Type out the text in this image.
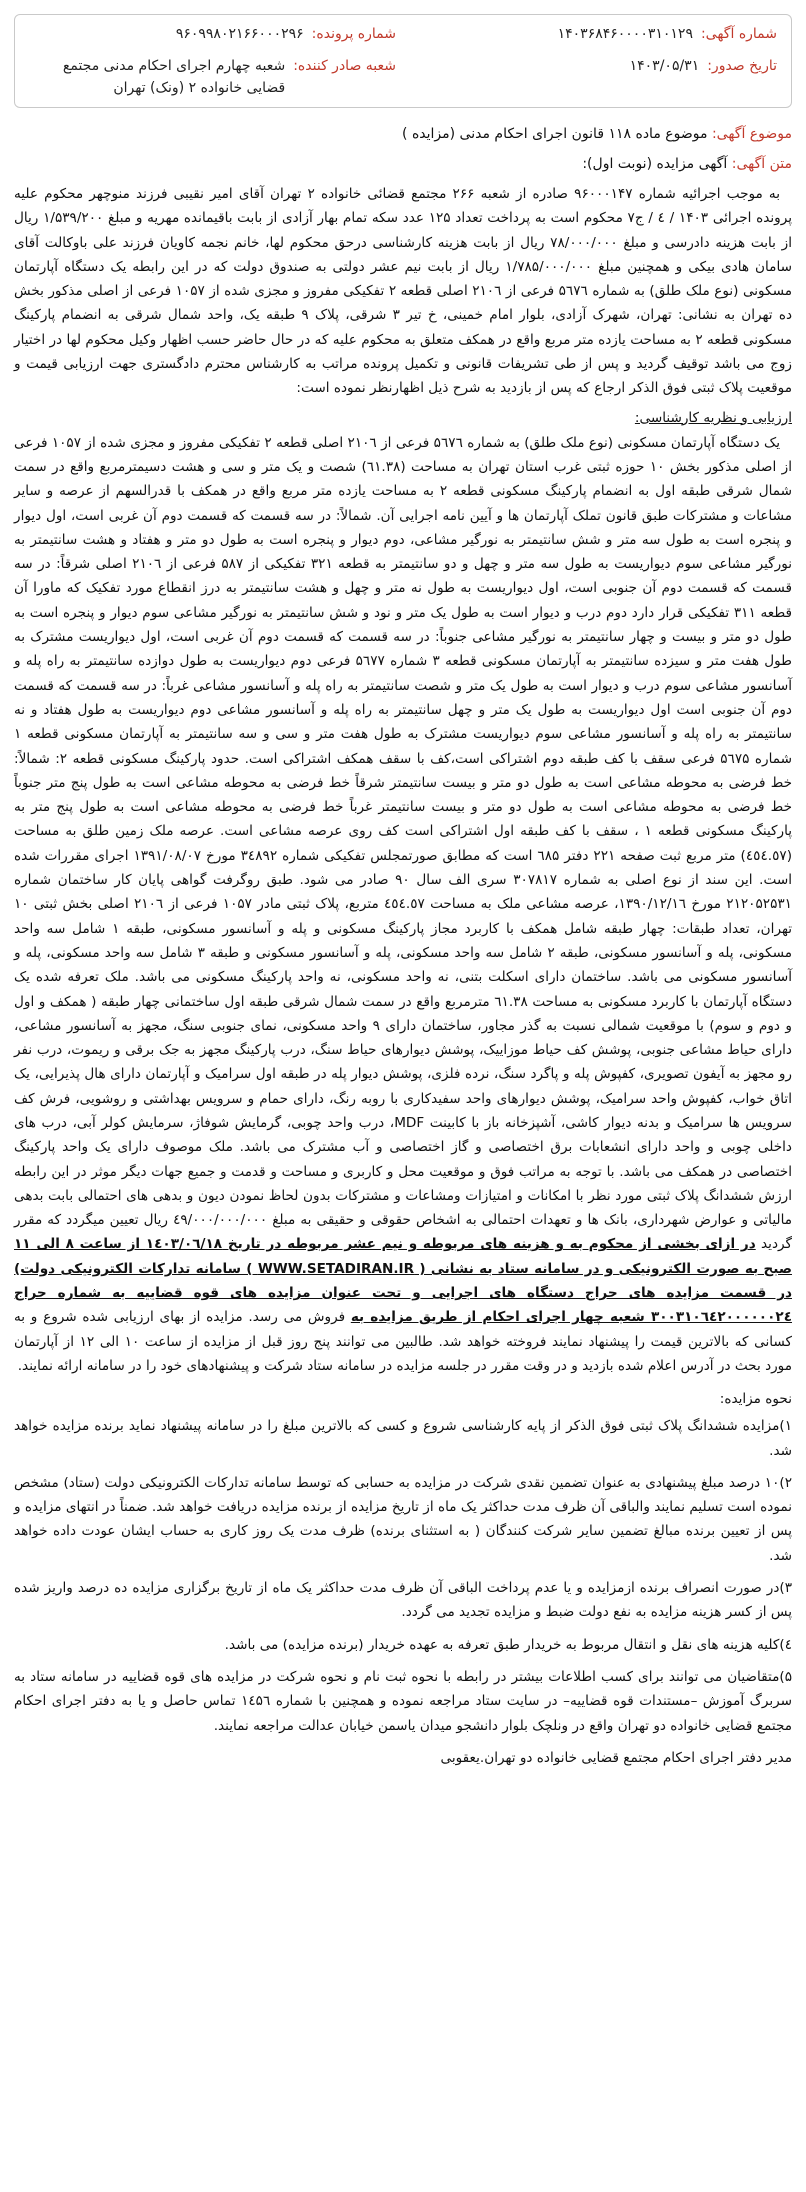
شماره آگهی:
۱۴۰۳۶۸۴۶۰۰۰۰۳۱۰۱۲۹
شماره پرونده:
۹۶۰۹۹۸۰۲۱۶۶۰۰۰۲۹۶
تاریخ صدور:
۱۴۰۳/۰۵/۳۱
شعبه صادر کننده:
شعبه چهارم اجرای احکام مدنی مجتمع قضایی خانواده ۲ (ونک) تهران
موضوع آگهی: موضوع ماده ۱۱۸ قانون اجرای احکام مدنی (مزایده )
متن آگهی: آگهی مزایده (نوبت اول):

به موجب اجرائیه شماره ۹۶۰۰۰۱۴۷ صادره از شعبه ۲۶۶ مجتمع قضائی خانواده ۲ تهران آقای امیر نقیبی فرزند منوچهر محکوم علیه پرونده اجرائی ۱۴۰۳ / ٤ / ج۷ محکوم است به پرداخت تعداد ۱۲۵ عدد سکه تمام بهار آزادی از بابت باقیمانده مهریه و مبلغ ۱/۵۳۹/۲۰۰ ریال از بابت هزینه دادرسی و مبلغ ۷۸/۰۰۰/۰۰۰ ریال از بابت هزینه کارشناسی درحق محکوم لها، خانم نجمه کاویان فرزند علی باوکالت آقای سامان هادی بیکی و همچنین مبلغ ۱/۷۸۵/۰۰۰/۰۰۰ ریال از بابت نیم عشر دولتی به صندوق دولت که در این رابطه یک دستگاه آپارتمان مسکونی (نوع ملک طلق) به شماره ۵٦۷٦ فرعی از ۲۱۰٦ اصلی قطعه ۲ تفکیکی مفروز و مجزی شده از ۱۰۵۷ فرعی از اصلی مذکور بخش ده تهران به نشانی: تهران، شهرک آزادی، بلوار امام خمینی، خ تیر ۳ شرقی، پلاک ۹ طبقه یک، واحد شمال شرقی به انضمام پارکینگ مسکونی قطعه ۲ به مساحت یازده متر مربع واقع در همکف متعلق به محکوم علیه که در حال حاضر حسب اظهار وکیل محکوم لها در اختیار زوج می باشد توقیف گردید و پس از طی تشریفات قانونی و تکمیل پرونده مراتب به کارشناس محترم دادگستری جهت ارزیابی قیمت و موقعیت پلاک ثبتی فوق الذکر ارجاع که پس از بازدید به شرح ذیل اظهارنظر نموده است:

ارزیابی و نظریه کارشناسی:

یک دستگاه آپارتمان مسکونی (نوع ملک طلق) به شماره ۵٦۷٦ فرعی از ۲۱۰٦ اصلی قطعه ۲ تفکیکی مفروز و مجزی شده از ۱۰۵۷ فرعی از اصلی مذکور بخش ۱۰ حوزه ثبتی غرب استان تهران به مساحت (٦۱.۳۸) شصت و یک متر و سی و هشت دسیمترمربع واقع در سمت شمال شرقی طبقه اول به انضمام پارکینگ مسکونی قطعه ۲ به مساحت یازده متر مربع واقع در همکف با قدرالسهم از عرصه و سایر مشاعات و مشترکات طبق قانون تملک آپارتمان ها و آیین نامه اجرایی آن. شمالاً: در سه قسمت که قسمت دوم آن غربی است، اول دیوار و پنجره است به طول سه متر و شش سانتیمتر به نورگیر مشاعی، دوم دیوار و پنجره است به طول دو متر و هفتاد و هشت سانتیمتر به نورگیر مشاعی سوم دیواریست به طول سه متر و چهل و دو سانتیمتر به قطعه ۳۲۱ تفکیکی از ۵۸۷ فرعی از ۲۱۰٦ اصلی شرقاً: در سه قسمت که قسمت دوم آن جنوبی است، اول دیواریست به طول نه متر و چهل و هشت سانتیمتر به درز انقطاع مورد تفکیک که ماورا آن قطعه ۳۱۱ تفکیکی قرار دارد دوم درب و دیوار است به طول یک متر و نود و شش سانتیمتر به نورگیر مشاعی سوم دیوار و پنجره است به طول دو متر و بیست و چهار سانتیمتر به نورگیر مشاعی جنوباً: در سه قسمت که قسمت دوم آن غربی است، اول دیواریست مشترک به طول هفت متر و سیزده سانتیمتر به آپارتمان مسکونی قطعه ۳ شماره ۵٦۷۷ فرعی دوم دیواریست به طول دوازده سانتیمتر به راه پله و آسانسور مشاعی سوم درب و دیوار است به طول یک متر و شصت سانتیمتر به راه پله و آسانسور مشاعی غرباً: در سه قسمت که قسمت دوم آن جنوبی است اول دیواریست به طول یک متر و چهل سانتیمتر به راه پله و آسانسور مشاعی دوم دیواریست به طول هفتاد و نه سانتیمتر به راه پله و آسانسور مشاعی سوم دیواریست مشترک به طول هفت متر و سی و سه سانتیمتر به آپارتمان مسکونی قطعه ۱ شماره ۵٦۷۵ فرعی سقف با کف طبقه دوم اشتراکی است،کف با سقف همکف اشتراکی است. حدود پارکینگ مسکونی قطعه ۲: شمالاً: خط فرضی به محوطه مشاعی است به طول دو متر و بیست سانتیمتر شرقاً خط فرضی به محوطه مشاعی است به طول پنج متر جنوباً خط فرضی به محوطه مشاعی است به طول دو متر و بیست سانتیمتر غرباً خط فرضی به محوطه مشاعی است به طول پنج متر به پارکینگ مسکونی قطعه ۱ ، سقف با کف طبقه اول اشتراکی است کف روی عرصه مشاعی است. عرصه ملک زمین طلق به مساحت (٤٥٤.٥۷) متر مربع ثبت صفحه ۲۲۱ دفتر ٦۸۵ است که مطابق صورتمجلس تفکیکی شماره ۳٤۸۹۲ مورخ ۱۳۹۱/۰۸/۰۷ اجرای مقررات شده است. این سند از نوع اصلی به شماره ۳۰۷۸۱۷ سری الف سال ۹۰ صادر می شود. طبق روگرفت گواهی پایان کار ساختمان شماره ۲۱۲۰۵۲۵۳۱ مورخ ۱۳۹۰/۱۲/۱٦، عرصه مشاعی ملک به مساحت ٤٥٤.٥۷ متربع، پلاک ثبتی مادر ۱۰۵۷ فرعی از ۲۱۰٦ اصلی بخش ثبتی ۱۰ تهران، تعداد طبقات: چهار طبقه شامل همکف با کاربرد مجاز پارکینگ مسکونی و پله و آسانسور مسکونی، طبقه ۱ شامل سه واحد مسکونی، پله و آسانسور مسکونی، طبقه ۲ شامل سه واحد مسکونی، پله و آسانسور مسکونی و طبقه ۳ شامل سه واحد مسکونی، پله و آسانسور مسکونی می باشد. ساختمان دارای اسکلت بتنی، نه واحد مسکونی، نه واحد پارکینگ مسکونی می باشد. ملک تعرفه شده یک دستگاه آپارتمان با کاربرد مسکونی به مساحت ٦۱.۳۸ مترمربع واقع در سمت شمال شرقی طبقه اول ساختمانی چهار طبقه ( همکف و اول و دوم و سوم) با موقعیت شمالی نسبت به گذر مجاور، ساختمان دارای ۹ واحد مسکونی، نمای جنوبی سنگ، مجهز به آسانسور مشاعی، دارای حیاط مشاعی جنوبی، پوشش کف حیاط موزاییک، پوشش دیوارهای حیاط سنگ، درب پارکینگ مجهز به جک برقی و ریموت، درب نفر رو مجهز به آیفون تصویری، کفپوش پله و پاگرد سنگ، نرده فلزی، پوشش دیوار پله در طبقه اول سرامیک و آپارتمان دارای هال پذیرایی، یک اتاق خواب، کفپوش واحد سرامیک، پوشش دیوارهای واحد سفیدکاری با روبه رنگ، دارای حمام و سرویس بهداشتی و روشویی، فرش کف سرویس ها سرامیک و بدنه دیوار کاشی، آشپزخانه باز با کابینت MDF، درب واحد چوبی، گرمایش شوفاژ، سرمایش کولر آبی، درب های داخلی چوبی و واحد دارای انشعابات برق اختصاصی و گاز اختصاصی و آب مشترک می باشد. ملک موصوف دارای یک واحد پارکینگ اختصاصی در همکف می باشد. با توجه به مراتب فوق و موقعیت محل و کاربری و مساحت و قدمت و جمیع جهات دیگر موثر در این رابطه ارزش ششدانگ پلاک ثبتی مورد نظر با امکانات و امتیازات ومشاعات و مشترکات بدون لحاظ نمودن دیون و بدهی های احتمالی بابت بدهی مالیاتی و عوارض شهرداری، بانک ها و تعهدات احتمالی به اشخاص حقوقی و حقیقی به مبلغ ٤۹/۰۰۰/۰۰۰/۰۰۰ ریال تعیین میگردد که مقرر گردید در ازای بخشی از محکوم به و هزینه های مربوطه و نیم عشر مربوطه در تاریخ ۱٤۰۳/۰٦/۱۸ از ساعت ۸ الی ۱۱ صبح به صورت الکترونیکی و در سامانه ستاد به نشانی ( WWW.SETADIRAN.IR ) سامانه تدارکات الکترونیکی دولت) در قسمت مزایده های حراج دستگاه های اجرایی و تحت عنوان مزایده های قوه قضاییه به شماره حراج ۳۰۰۳۱۰٦٤۲۰۰۰۰۰۰۲٤ شعبه چهار اجرای احکام از طریق مزایده به فروش می رسد. مزایده از بهای ارزیابی شده شروع و به کسانی که بالاترین قیمت را پیشنهاد نمایند فروخته خواهد شد. طالبین می توانند پنج روز قبل از مزایده از ساعت ۱۰ الی ۱۲ از آپارتمان مورد بحث در آدرس اعلام شده بازدید و در وقت مقرر در جلسه مزایده در سامانه ستاد شرکت و پیشنهادهای خود را در سامانه ارائه نمایند.

نحوه مزایده:

۱)مزایده ششدانگ پلاک ثبتی فوق الذکر از پایه کارشناسی شروع و کسی که بالاترین مبلغ را در سامانه پیشنهاد نماید برنده مزایده خواهد شد.

۲)۱۰ درصد مبلغ پیشنهادی به عنوان تضمین نقدی شرکت در مزایده به حسابی که توسط سامانه تدارکات الکترونیکی دولت (ستاد) مشخص نموده است تسلیم نمایند والباقی آن ظرف مدت حداکثر یک ماه از تاریخ مزایده از برنده مزایده دریافت خواهد شد. ضمناً در انتهای مزایده و پس از تعیین برنده مبالغ تضمین سایر شرکت کنندگان ( به استثنای برنده) ظرف مدت یک روز کاری به حساب ایشان عودت داده خواهد شد.

۳)در صورت انصراف برنده ازمزایده و یا عدم پرداخت الباقی آن ظرف مدت حداکثر یک ماه از تاریخ برگزاری مزایده ده درصد واریز شده پس از کسر هزینه مزایده به نفع دولت ضبط و مزایده تجدید می گردد.

٤)کلیه هزینه های نقل و انتقال مربوط به خریدار طبق تعرفه به عهده خریدار (برنده مزایده) می باشد.

۵)متقاضیان می توانند برای کسب اطلاعات بیشتر در رابطه با نحوه ثبت نام و نحوه شرکت در مزایده های قوه قضاییه در سامانه ستاد به سربرگ آموزش –مستندات قوه قضاییه– در سایت ستاد مراجعه نموده و همچنین با شماره ۱٤۵٦ تماس حاصل و یا به دفتر اجرای احکام مجتمع قضایی خانواده دو تهران واقع در ونلچک بلوار دانشجو میدان یاسمن خیابان عدالت مراجعه نمایند.

مدیر دفتر اجرای احکام مجتمع قضایی خانواده دو تهران.یعقوبی
